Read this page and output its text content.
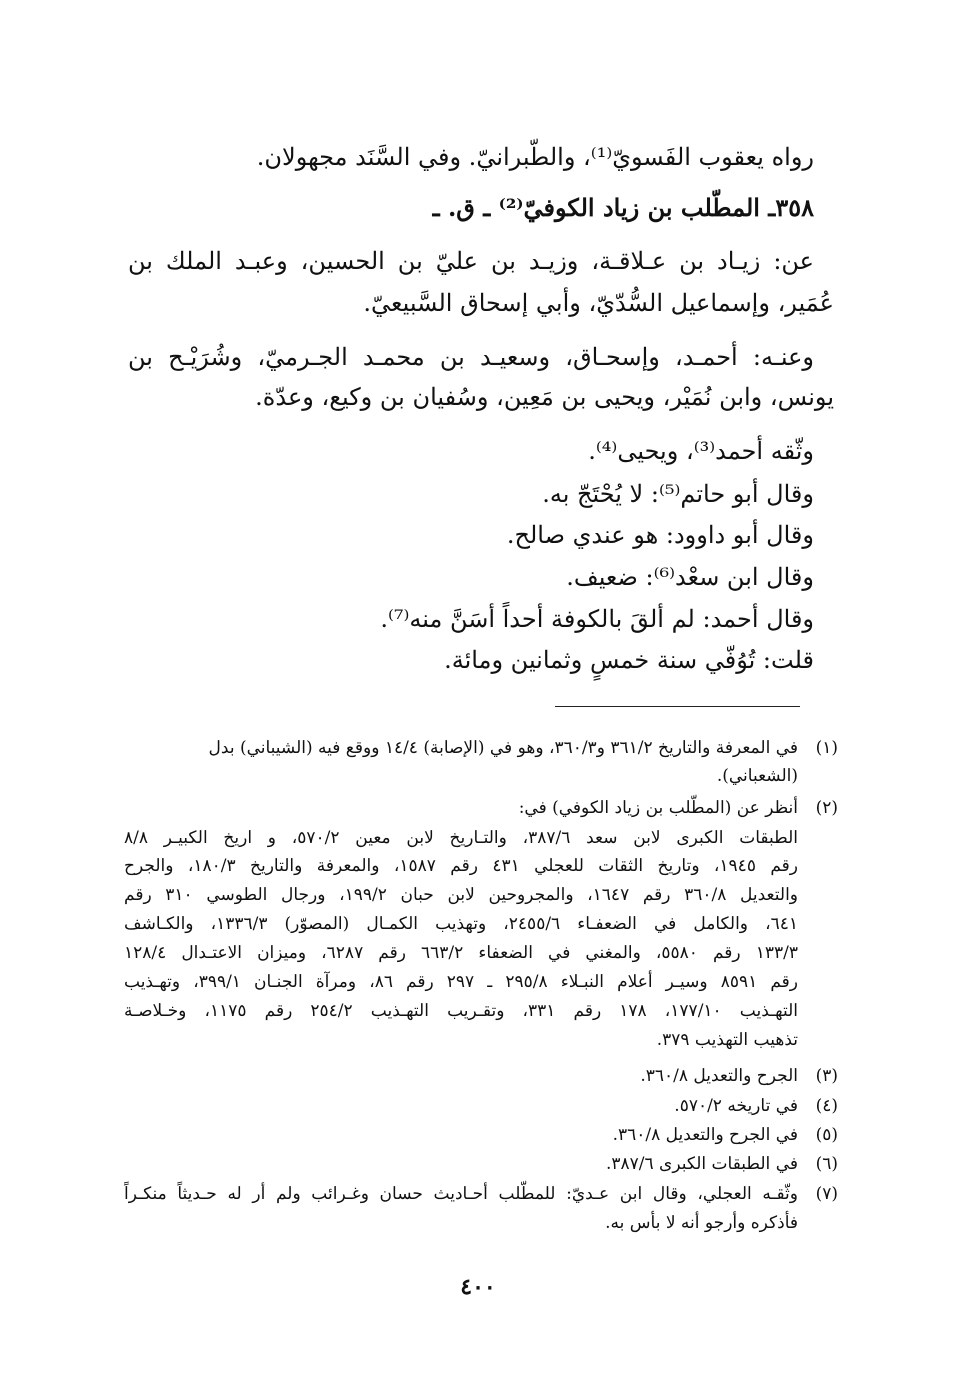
رواه يعقوب الفَسويّ⁽¹⁾، والطّبرانيّ. وفي السَّنَد مجهولان.
٣٥٨ـ المطّلب بن زياد الكوفيّ⁽²⁾ ـ ق. ـ
عن: زيـاد بن عـلاقـة، وزيـد بن عليّ بن الحسين، وعبـد الملك بن
عُمَير، وإسماعيل السُّدّيّ، وأبي إسحاق السَّبيعيّ.
وعنـه: أحمـد، وإسحـاق، وسعيـد بن محمـد الجـرميّ، وشُرَيْـح بن
يونس، وابن نُمَيْر، ويحيى بن مَعِين، وسُفيان بن وكيع، وعدّة.
وثّقه أحمد⁽³⁾، ويحيى⁽⁴⁾.
وقال أبو حاتم⁽⁵⁾: لا يُحْتَجّ به.
وقال أبو داوود: هو عندي صالح.
وقال ابن سعْد⁽⁶⁾: ضعيف.
وقال أحمد: لم ألقَ بالكوفة أحداً أسَنَّ منه⁽⁷⁾.
قلت: تُوُفّي سنة خمسٍ وثمانين ومائة.
(١)في المعرفة والتاريخ ٣٦١/٢ و٣٦٠/٣، وهو في (الإصابة) ١٤/٤ ووقع فيه (الشيباني) بدل
(الشعباني).
(٢)أنظر عن (المطّلب بن زياد الكوفي) في:
الطبقات الكبرى لابن سعد ٣٨٧/٦، والتـاريخ لابن معين ٥٧٠/٢، و اريخ الكبيـر ٨/٨
رقم ١٩٤٥، وتاريخ الثقات للعجلي ٤٣١ رقم ١٥٨٧، والمعرفة والتاريخ ١٨٠/٣، والجرح
والتعديل ٣٦٠/٨ رقم ١٦٤٧، والمجروحين لابن حبان ١٩٩/٢، ورجال الطوسي ٣١٠ رقم
٦٤١، والكامل في الضعفـاء ٢٤٥٥/٦، وتهذيب الكمـال (المصوّر) ١٣٣٦/٣، والكـاشف
١٣٣/٣ رقم ٥٥٨٠، والمغني في الضعفاء ٦٦٣/٢ رقم ٦٢٨٧، وميزان الاعتـدال ١٢٨/٤
رقم ٨٥٩١ وسيـر أعلام النبـلاء ٢٩٥/٨ ـ ٢٩٧ رقم ٨٦، ومرآة الجنـان ٣٩٩/١، وتهـذيب
التهـذيب ١٧٧/١٠، ١٧٨ رقم ٣٣١، وتقـريب التهـذيب ٢٥٤/٢ رقم ١١٧٥، وخـلاصـة
تذهيب التهذيب ٣٧٩.
(٣)الجرح والتعديل ٣٦٠/٨.
(٤)في تاريخه ٥٧٠/٢.
(٥)في الجرح والتعديل ٣٦٠/٨.
(٦)في الطبقات الكبرى ٣٨٧/٦.
(٧)وثّقـه العجلي، وقال ابن عـديّ: للمطّلب أحـاديث حسان وغـرائب ولم أر له حـديثاً منكـراً
فأذكره وأرجو أنه لا بأس به.
٤٠٠
